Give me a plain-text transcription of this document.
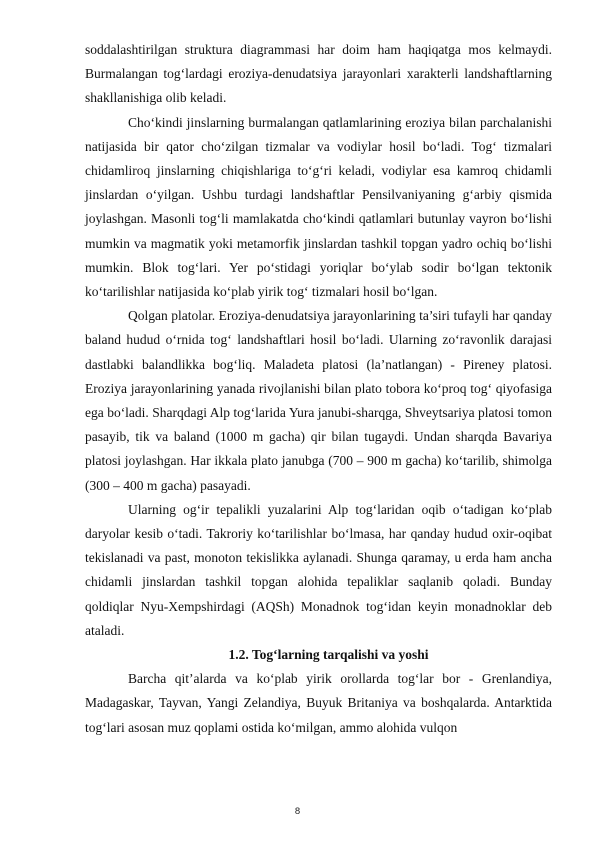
soddalashtirilgan struktura diagrammasi har doim ham haqiqatga mos kelmaydi. Burmalangan tog‘lardagi eroziya-denudatsiya jarayonlari xarakterli landshaftlarning shakllanishiga olib keladi.

Cho‘kindi jinslarning burmalangan qatlamlarining eroziya bilan parchalanishi natijasida bir qator cho‘zilgan tizmalar va vodiylar hosil bo‘ladi. Tog‘ tizmalari chidamliroq jinslarning chiqishlariga to‘g‘ri keladi, vodiylar esa kamroq chidamli jinslardan o‘yilgan. Ushbu turdagi landshaftlar Pensilvaniyaning g‘arbiy qismida joylashgan. Masonli tog‘li mamlakatda cho‘kindi qatlamlari butunlay vayron bo‘lishi mumkin va magmatik yoki metamorfik jinslardan tashkil topgan yadro ochiq bo‘lishi mumkin. Blok tog‘lari. Yer po‘stidagi yoriqlar bo‘ylab sodir bo‘lgan tektonik ko‘tarilishlar natijasida ko‘plab yirik tog‘ tizmalari hosil bo‘lgan.

Qolgan platolar. Eroziya-denudatsiya jarayonlarining ta’siri tufayli har qanday baland hudud o‘rnida tog‘ landshaftlari hosil bo‘ladi. Ularning zo‘ravonlik darajasi dastlabki balandlikka bog‘liq. Maladeta platosi (la’natlangan) - Pireney platosi. Eroziya jarayonlarining yanada rivojlanishi bilan plato tobora ko‘proq tog‘ qiyofasiga ega bo‘ladi. Sharqdagi Alp tog‘larida Yura janubi-sharqga, Shveytsariya platosi tomon pasayib, tik va baland (1000 m gacha) qir bilan tugaydi. Undan sharqda Bavariya platosi joylashgan. Har ikkala plato janubga (700 – 900 m gacha) ko‘tarilib, shimolga (300 – 400 m gacha) pasayadi.

Ularning og‘ir tepalikli yuzalarini Alp tog‘laridan oqib o‘tadigan ko‘plab daryolar kesib o‘tadi. Takroriy ko‘tarilishlar bo‘lmasa, har qanday hudud oxir-oqibat tekislanadi va past, monoton tekislikka aylanadi. Shunga qaramay, u erda ham ancha chidamli jinslardan tashkil topgan alohida tepaliklar saqlanib qoladi. Bunday qoldiqlar Nyu-Xempshirdagi (AQSh) Monadnok tog‘idan keyin monadnoklar deb ataladi.

1.2. Tog‘larning tarqalishi va yoshi

Barcha qit’alarda va ko‘plab yirik orollarda tog‘lar bor - Grenlandiya, Madagaskar, Tayvan, Yangi Zelandiya, Buyuk Britaniya va boshqalarda. Antarktida tog‘lari asosan muz qoplami ostida ko‘milgan, ammo alohida vulqon

8
